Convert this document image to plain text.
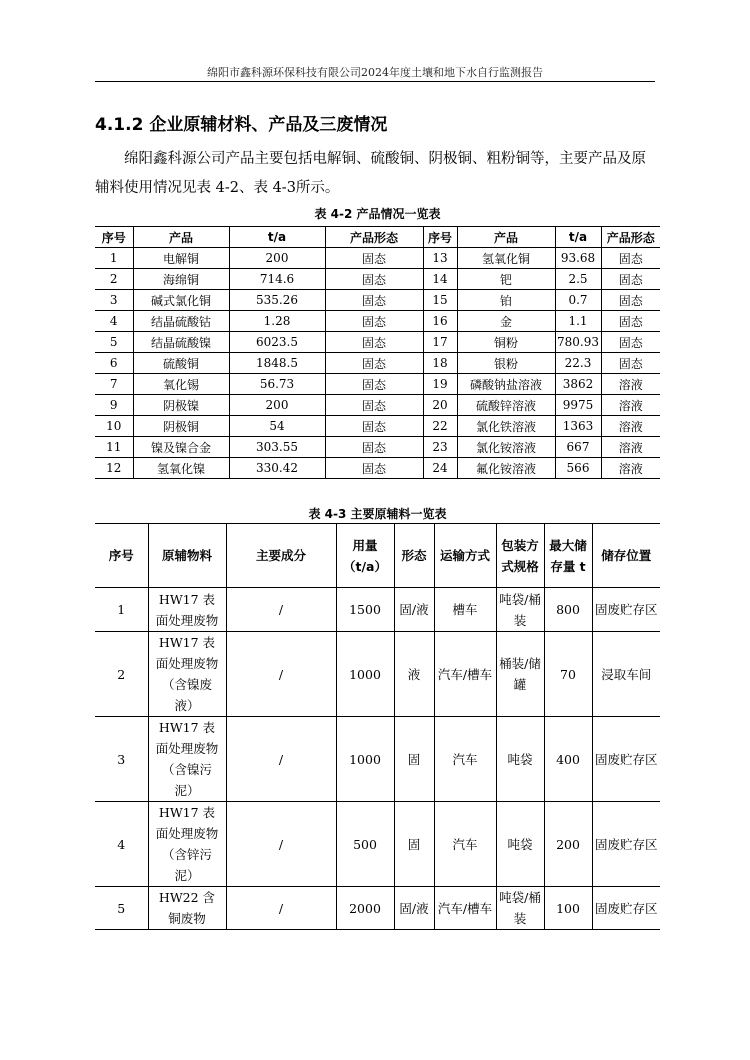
绵阳市鑫科源环保科技有限公司2024年度土壤和地下水自行监测报告
4.1.2 企业原辅材料、产品及三废情况
绵阳鑫科源公司产品主要包括电解铜、硫酸铜、阴极铜、粗粉铜等，主要产品及原辅料使用情况见表 4-2、表 4-3所示。
表 4-2 产品情况一览表
序号	产品	t/a	产品形态	序号	产品	t/a	产品形态
1	电解铜	200	固态	13	氢氧化铜	93.68	固态
2	海绵铜	714.6	固态	14	钯	2.5	固态
3	碱式氯化铜	535.26	固态	15	铂	0.7	固态
4	结晶硫酸钴	1.28	固态	16	金	1.1	固态
5	结晶硫酸镍	6023.5	固态	17	铜粉	780.93	固态
6	硫酸铜	1848.5	固态	18	银粉	22.3	固态
7	氧化锡	56.73	固态	19	磷酸钠盐溶液	3862	溶液
9	阴极镍	200	固态	20	硫酸锌溶液	9975	溶液
10	阴极铜	54	固态	22	氯化铁溶液	1363	溶液
11	镍及镍合金	303.55	固态	23	氯化铵溶液	667	溶液
12	氢氧化镍	330.42	固态	24	氟化铵溶液	566	溶液
表 4-3 主要原辅料一览表
序号	原辅物料	主要成分	用量（t/a）	形态	运输方式	包装方式规格	最大储存量 t	储存位置
1	HW17 表面处理废物	/	1500	固/液	槽车	吨袋/桶装	800	固废贮存区
2	HW17 表面处理废物（含镍废液）	/	1000	液	汽车/槽车	桶装/储罐	70	浸取车间
3	HW17 表面处理废物（含镍污泥）	/	1000	固	汽车	吨袋	400	固废贮存区
4	HW17 表面处理废物（含锌污泥）	/	500	固	汽车	吨袋	200	固废贮存区
5	HW22 含铜废物	/	2000	固/液	汽车/槽车	吨袋/桶装	100	固废贮存区
